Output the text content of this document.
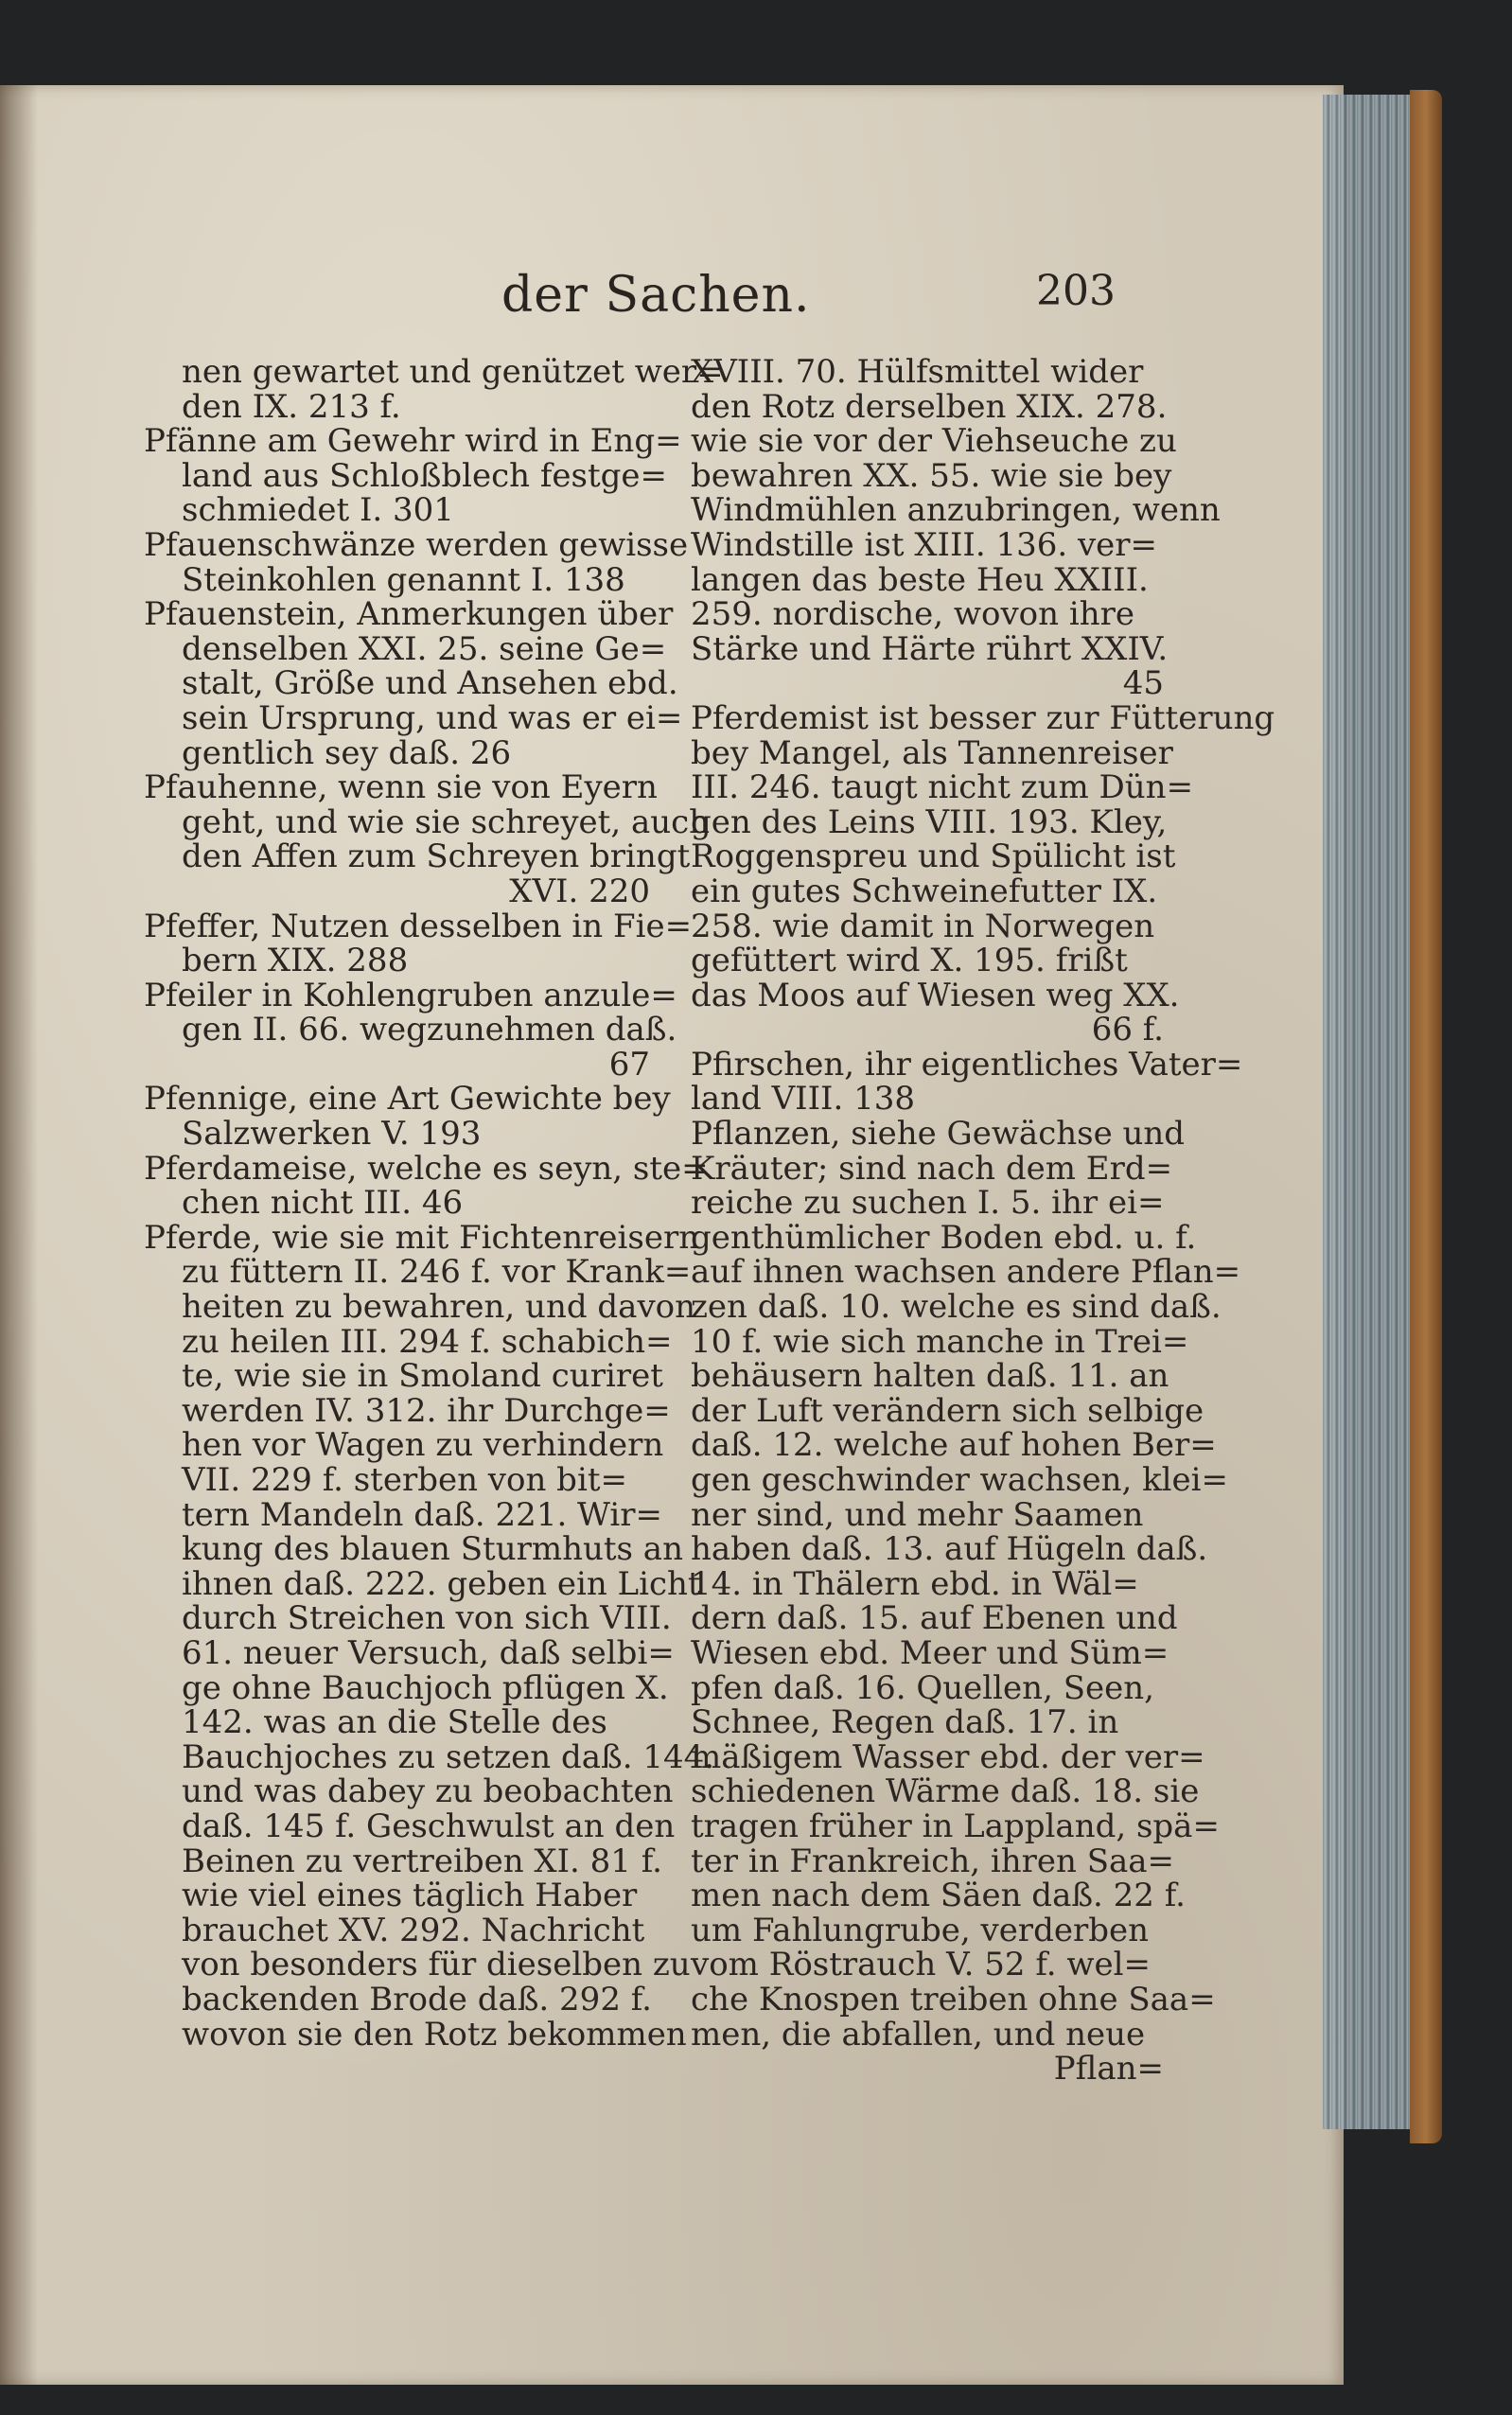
der Sachen.	203
nen gewartet und genützet wer=
den IX. 213 f.
Pfänne am Gewehr wird in Eng=
land aus Schloßblech festge=
schmiedet I. 301
Pfauenschwänze werden gewisse
Steinkohlen genannt I. 138
Pfauenstein, Anmerkungen über
denselben XXI. 25. seine Ge=
stalt, Größe und Ansehen ebd.
sein Ursprung, und was er ei=
gentlich sey daß. 26
Pfauhenne, wenn sie von Eyern
geht, und wie sie schreyet, auch
den Affen zum Schreyen bringt
XVI. 220
Pfeffer, Nutzen desselben in Fie=
bern XIX. 288
Pfeiler in Kohlengruben anzule=
gen II. 66. wegzunehmen daß.
67
Pfennige, eine Art Gewichte bey
Salzwerken V. 193
Pferdameise, welche es seyn, ste=
chen nicht III. 46
Pferde, wie sie mit Fichtenreisern
zu füttern II. 246 f. vor Krank=
heiten zu bewahren, und davon
zu heilen III. 294 f. schabich=
te, wie sie in Smoland curiret
werden IV. 312. ihr Durchge=
hen vor Wagen zu verhindern
VII. 229 f. sterben von bit=
tern Mandeln daß. 221. Wir=
kung des blauen Sturmhuts an
ihnen daß. 222. geben ein Licht
durch Streichen von sich VIII.
61. neuer Versuch, daß selbi=
ge ohne Bauchjoch pflügen X.
142. was an die Stelle des
Bauchjoches zu setzen daß. 144.
und was dabey zu beobachten
daß. 145 f. Geschwulst an den
Beinen zu vertreiben XI. 81 f.
wie viel eines täglich Haber
brauchet XV. 292. Nachricht
von besonders für dieselben zu
backenden Brode daß. 292 f.
wovon sie den Rotz bekommen
XVIII. 70. Hülfsmittel wider
den Rotz derselben XIX. 278.
wie sie vor der Viehseuche zu
bewahren XX. 55. wie sie bey
Windmühlen anzubringen, wenn
Windstille ist XIII. 136. ver=
langen das beste Heu XXIII.
259. nordische, wovon ihre
Stärke und Härte rührt XXIV.
45
Pferdemist ist besser zur Fütterung
bey Mangel, als Tannenreiser
III. 246. taugt nicht zum Dün=
gen des Leins VIII. 193. Kley,
Roggenspreu und Spülicht ist
ein gutes Schweinefutter IX.
258. wie damit in Norwegen
gefüttert wird X. 195. frißt
das Moos auf Wiesen weg XX.
66 f.
Pfirschen, ihr eigentliches Vater=
land VIII. 138
Pflanzen, siehe Gewächse und
Kräuter; sind nach dem Erd=
reiche zu suchen I. 5. ihr ei=
genthümlicher Boden ebd. u. f.
auf ihnen wachsen andere Pflan=
zen daß. 10. welche es sind daß.
10 f. wie sich manche in Trei=
behäusern halten daß. 11. an
der Luft verändern sich selbige
daß. 12. welche auf hohen Ber=
gen geschwinder wachsen, klei=
ner sind, und mehr Saamen
haben daß. 13. auf Hügeln daß.
14. in Thälern ebd. in Wäl=
dern daß. 15. auf Ebenen und
Wiesen ebd. Meer und Süm=
pfen daß. 16. Quellen, Seen,
Schnee, Regen daß. 17. in
mäßigem Wasser ebd. der ver=
schiedenen Wärme daß. 18. sie
tragen früher in Lappland, spä=
ter in Frankreich, ihren Saa=
men nach dem Säen daß. 22 f.
um Fahlungrube, verderben
vom Röstrauch V. 52 f. wel=
che Knospen treiben ohne Saa=
men, die abfallen, und neue
Pflan=
